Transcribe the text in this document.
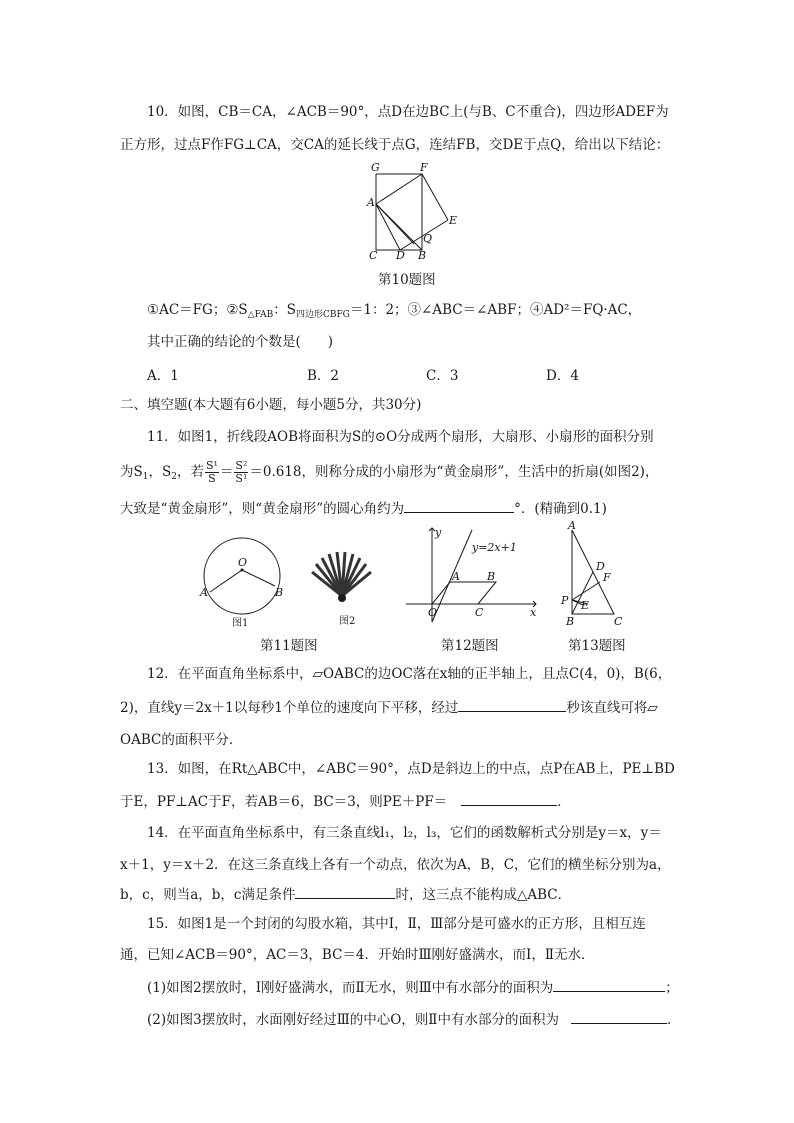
10．如图，CB＝CA，∠ACB＝90°，点D在边BC上(与B、C不重合)，四边形ADEF为
正方形，过点F作FG⊥CA，交CA的延长线于点G，连结FB，交DE于点Q，给出以下结论：
G	F
A
E
Q
C D B
第10题图
①AC＝FG；$②S_{\triangle FAB}$：$S_{四边形CBFG}=1$：2；③∠ABC＝∠ABF；④AD²＝FQ·AC，
其中正确的结论的个数是(　　)
A．1	B．2	C．3	D．4
二、填空题(本大题有6小题，每小题5分，共30分)
11．如图1，折线段AOB将面积为S的⊙O分成两个扇形，大扇形、小扇形的面积分别
为$S_1$，$S_2$，若 $\frac{\text{S¹}}{S} = \frac{\text{S²}}{\text{S¹}} =0.618$，则称分成的小扇形为“黄金扇形”，生活中的折扇(如图2)，
大致是“黄金扇形”，则“黄金扇形”的圆心角约为	°．(精确到0.1)
O
A	B
图1	图2
第11题图
y
x
O
A B
C
y=2x+1
第12题图
A
D
F
P E
B	C
第13题图
12．在平面直角坐标系中，▱OABC的边OC落在x轴的正半轴上，且点C(4，0)，B(6，
2)，直线y＝2x＋1以每秒1个单位的速度向下平移，经过	秒该直线可将▱
OABC的面积平分．
13．如图，在Rt△ABC中，∠ABC＝90°，点D是斜边上的中点，点P在AB上，PE⊥BD
于E，PF⊥AC于F，若AB＝6，BC＝3，则PE＋PF＝	．
14．在平面直角坐标系中，有三条直线l₁，l₂，l₃，它们的函数解析式分别是y＝x，y＝
x＋1，y＝x＋2．在这三条直线上各有一个动点，依次为A，B，C，它们的横坐标分别为a，
b，c，则当a，b，c满足条件	时，这三点不能构成△ABC．
15．如图1是一个封闭的勾股水箱，其中Ⅰ，Ⅱ，Ⅲ部分是可盛水的正方形，且相互连
通，已知∠ACB＝90°，AC＝3，BC＝4．开始时Ⅲ刚好盛满水，而Ⅰ，Ⅱ无水．
(1)如图2摆放时，Ⅰ刚好盛满水，而Ⅱ无水，则Ⅲ中有水部分的面积为	；
(2)如图3摆放时，水面刚好经过Ⅲ的中心O，则Ⅱ中有水部分的面积为	．
